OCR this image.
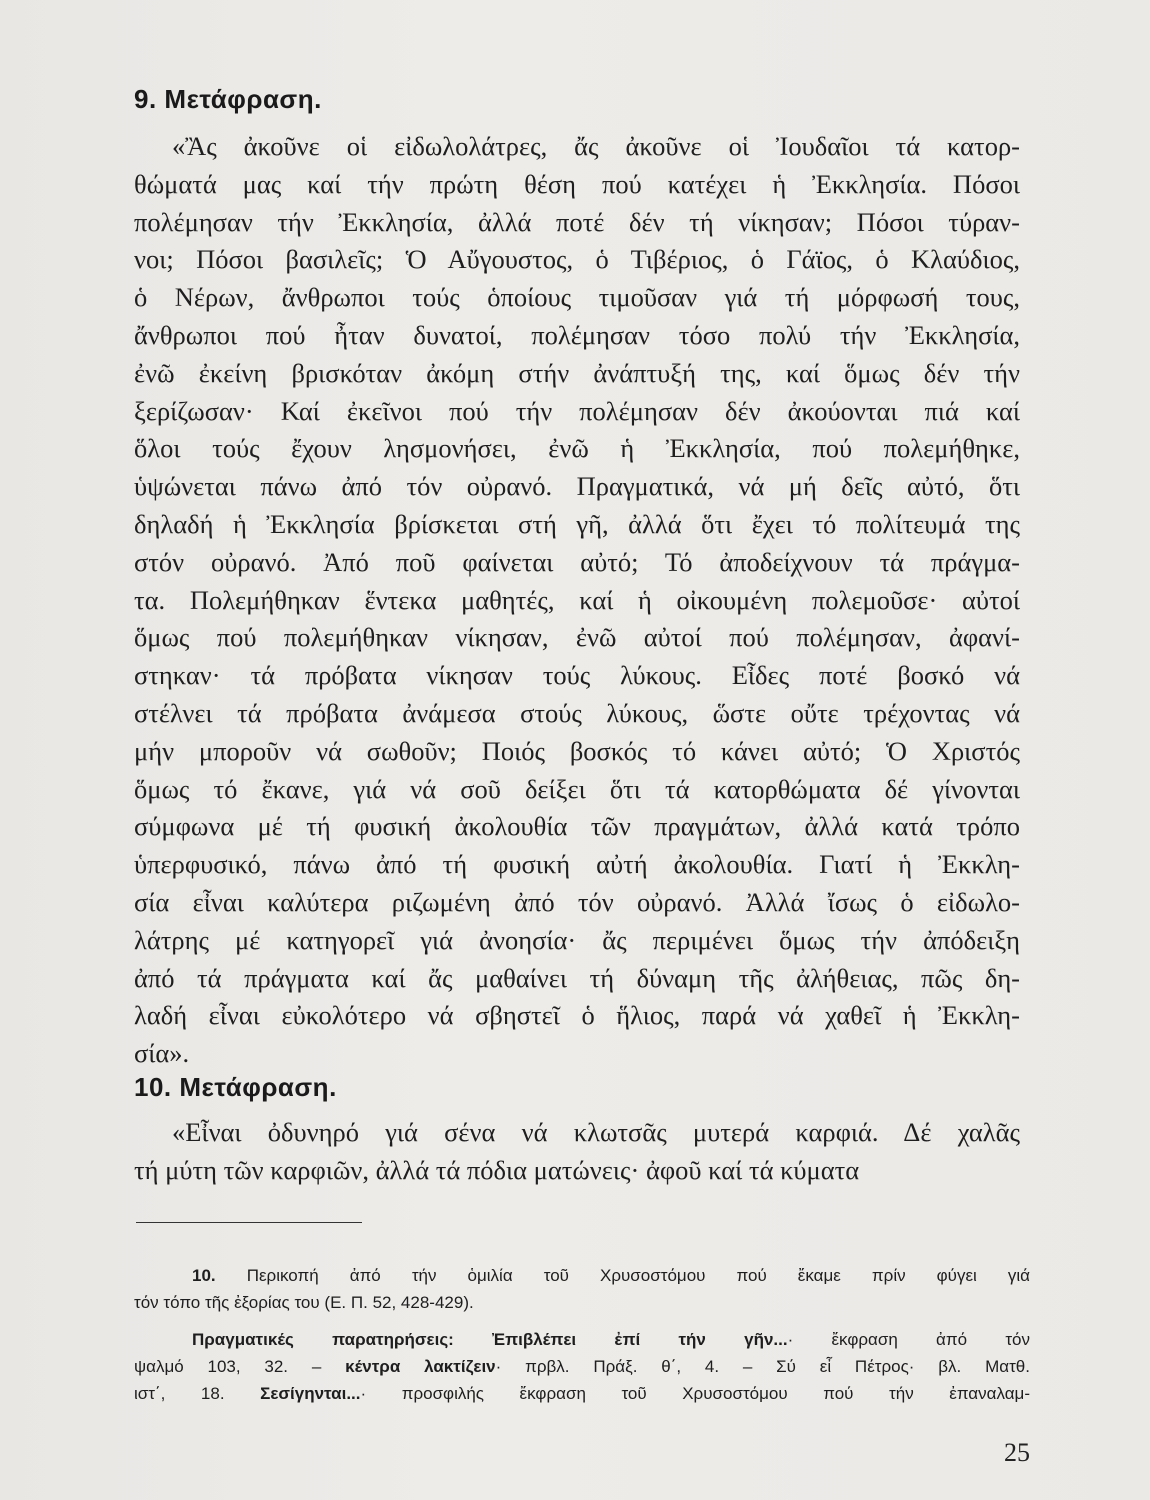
9. Μετάφραση.
«Ἂς ἀκοῦνε οἱ εἰδωλολάτρες, ἄς ἀκοῦνε οἱ Ἰουδαῖοι τά κατορ-
θώματά μας καί τήν πρώτη θέση πού κατέχει ἡ Ἐκκλησία. Πόσοι
πολέμησαν τήν Ἐκκλησία, ἀλλά ποτέ δέν τή νίκησαν; Πόσοι τύραν-
νοι; Πόσοι βασιλεῖς; Ὁ Αὔγουστος, ὁ Τιβέριος, ὁ Γάϊος, ὁ Κλαύδιος,
ὁ Νέρων, ἄνθρωποι τούς ὁποίους τιμοῦσαν γιά τή μόρφωσή τους,
ἄνθρωποι πού ἦταν δυνατοί, πολέμησαν τόσο πολύ τήν Ἐκκλησία,
ἐνῶ ἐκείνη βρισκόταν ἀκόμη στήν ἀνάπτυξή της, καί ὅμως δέν τήν
ξερίζωσαν· Καί ἐκεῖνοι πού τήν πολέμησαν δέν ἀκούονται πιά καί
ὅλοι τούς ἔχουν λησμονήσει, ἐνῶ ἡ Ἐκκλησία, πού πολεμήθηκε,
ὑψώνεται πάνω ἀπό τόν οὐρανό. Πραγματικά, νά μή δεῖς αὐτό, ὅτι
δηλαδή ἡ Ἐκκλησία βρίσκεται στή γῆ, ἀλλά ὅτι ἔχει τό πολίτευμά της
στόν οὐρανό. Ἀπό ποῦ φαίνεται αὐτό; Τό ἀποδείχνουν τά πράγμα-
τα. Πολεμήθηκαν ἕντεκα μαθητές, καί ἡ οἰκουμένη πολεμοῦσε· αὐτοί
ὅμως πού πολεμήθηκαν νίκησαν, ἐνῶ αὐτοί πού πολέμησαν, ἀφανί-
στηκαν· τά πρόβατα νίκησαν τούς λύκους. Εἶδες ποτέ βοσκό νά
στέλνει τά πρόβατα ἀνάμεσα στούς λύκους, ὥστε οὔτε τρέχοντας νά
μήν μποροῦν νά σωθοῦν; Ποιός βοσκός τό κάνει αὐτό; Ὁ Χριστός
ὅμως τό ἔκανε, γιά νά σοῦ δείξει ὅτι τά κατορθώματα δέ γίνονται
σύμφωνα μέ τή φυσική ἀκολουθία τῶν πραγμάτων, ἀλλά κατά τρόπο
ὑπερφυσικό, πάνω ἀπό τή φυσική αὐτή ἀκολουθία. Γιατί ἡ Ἐκκλη-
σία εἶναι καλύτερα ριζωμένη ἀπό τόν οὐρανό. Ἀλλά ἴσως ὁ εἰδωλο-
λάτρης μέ κατηγορεῖ γιά ἀνοησία· ἄς περιμένει ὅμως τήν ἀπόδειξη
ἀπό τά πράγματα καί ἄς μαθαίνει τή δύναμη τῆς ἀλήθειας, πῶς δη-
λαδή εἶναι εὐκολότερο νά σβηστεῖ ὁ ἥλιος, παρά νά χαθεῖ ἡ Ἐκκλη-
σία».
10. Μετάφραση.
«Εἶναι ὀδυνηρό γιά σένα νά κλωτσᾶς μυτερά καρφιά. Δέ χαλᾶς
τή μύτη τῶν καρφιῶν, ἀλλά τά πόδια ματώνεις· ἀφοῦ καί τά κύματα
10. Περικοπή ἀπό τήν ὁμιλία τοῦ Χρυσοστόμου πού ἔκαμε πρίν φύγει γιά
τόν τόπο τῆς ἐξορίας του (Ε. Π. 52, 428-429).
Πραγματικές παρατηρήσεις: Ἐπιβλέπει ἐπί τήν γῆν...· ἔκφραση ἀπό τόν
ψαλμό 103, 32. – κέντρα λακτίζειν· πρβλ. Πράξ. θ΄, 4. – Σύ εἶ Πέτρος· βλ. Ματθ.
ιστ΄, 18. Σεσίγηνται...· προσφιλής ἔκφραση τοῦ Χρυσοστόμου πού τήν ἐπαναλαμ-
25
